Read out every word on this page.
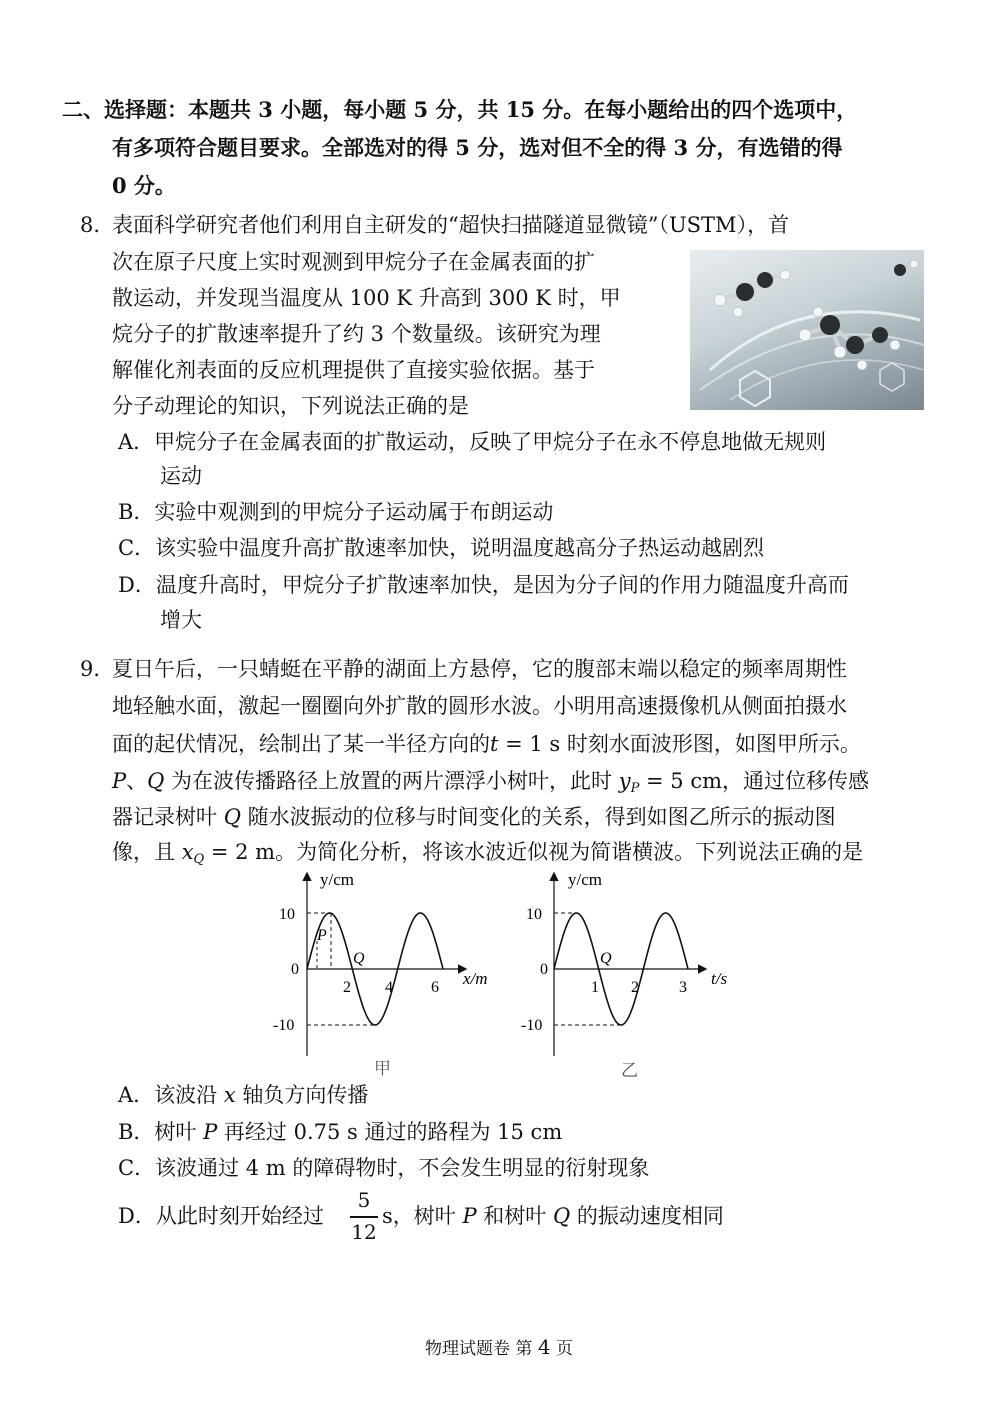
二、选择题：本题共 3 小题，每小题 5 分，共 15 分。在每小题给出的四个选项中，
有多项符合题目要求。全部选对的得 5 分，选对但不全的得 3 分，有选错的得
0 分。
8．
表面科学研究者他们利用自主研发的“超快扫描隧道显微镜”（USTM），首
次在原子尺度上实时观测到甲烷分子在金属表面的扩
散运动，并发现当温度从 100 K 升高到 300 K 时，甲
烷分子的扩散速率提升了约 3 个数量级。该研究为理
解催化剂表面的反应机理提供了直接实验依据。基于
分子动理论的知识，下列说法正确的是
A．甲烷分子在金属表面的扩散运动，反映了甲烷分子在永不停息地做无规则
运动
B．实验中观测到的甲烷分子运动属于布朗运动
C．该实验中温度升高扩散速率加快，说明温度越高分子热运动越剧烈
D．温度升高时，甲烷分子扩散速率加快，是因为分子间的作用力随温度升高而
增大
9．
夏日午后，一只蜻蜓在平静的湖面上方悬停，它的腹部末端以稳定的频率周期性
地轻触水面，激起一圈圈向外扩散的圆形水波。小明用高速摄像机从侧面拍摄水
面的起伏情况，绘制出了某一半径方向的t = 1 s 时刻水面波形图，如图甲所示。
P、Q 为在波传播路径上放置的两片漂浮小树叶，此时 $y_P = 5$ cm，通过位移传感
器记录树叶 Q 随水波振动的位移与时间变化的关系，得到如图乙所示的振动图
像，且 $x_Q = 2$ m。为简化分析，将该水波近似视为简谐横波。下列说法正确的是
y/cm
x/m
10
0
-10
2 4 6
P
Q
y/cm
t/s
10
0
-10
1 2	3
Q
甲	乙
A．该波沿 x 轴负方向传播
B．树叶 P 再经过 0.75 s 通过的路程为 15 cm
C．该波通过 4 m 的障碍物时，不会发生明显的衍射现象
D．从此时刻开始经过
5
12
s，树叶 P 和树叶 Q 的振动速度相同
物理试题卷 第 4 页
